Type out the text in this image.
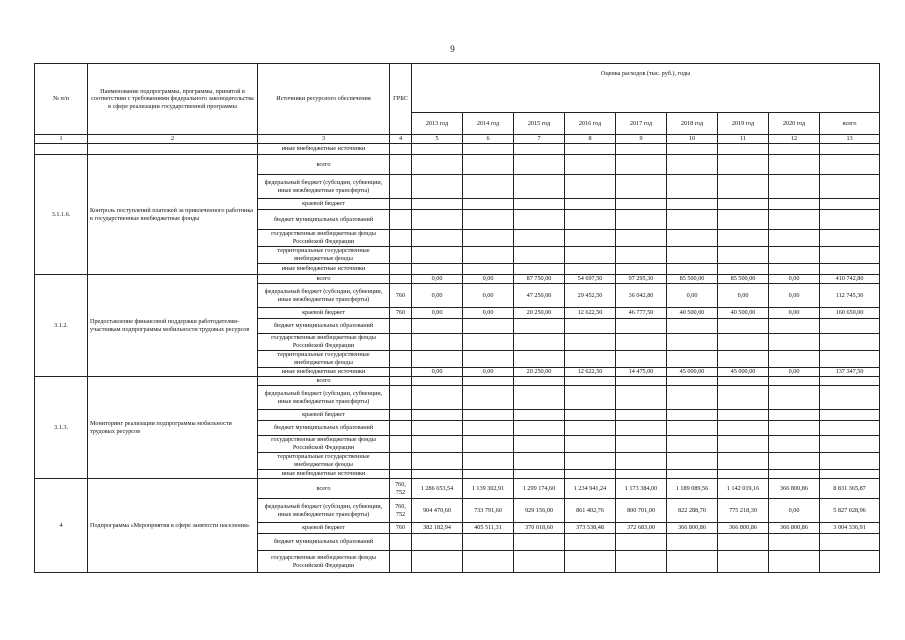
9
№ п/п	Наименование подпрограммы, программы, принятой в соответствии с требованиями федерального законодательства в сфере реализации государственной программы	Источники ресурсного обеспечения	ГРБС	Оценка расходов (тыс. руб.), годы								
				2013 год	2014 год	2015 год	2016 год	2017 год	2018 год	2019 год	2020 год	всего
1	2	3	4	5	6	7	8	9	10	11	12	13
		иные внебюджетные источники										
3.1.1.6.	Контроль поступлений платежей за привлеченного работника в государственные внебюджетные фонды	всего										
		федеральный бюджет (субсидии, субвенции, иные межбюджетные трансферты)										
		краевой бюджет										
		бюджет муниципальных образований										
		государственные внебюджетные фонды Российской Федерации										
		территориальные государственные внебюджетные фонды										
		иные внебюджетные источники										
3.1.2.	Предоставление финансовой поддержки работодателям-участникам подпрограммы мобильности трудовых ресурсов	всего		0,00	0,00	87 750,00	54 697,50	97 295,30	85 500,00	85 500,00	0,00	410 742,80
		федеральный бюджет (субсидии, субвенции, иные межбюджетные трансферты)	760	0,00	0,00	47 250,00	29 452,50	36 042,80	0,00	0,00	0,00	112 745,30
		краевой бюджет	760	0,00	0,00	20 250,00	12 622,50	46 777,50	40 500,00	40 500,00	0,00	160 650,00
		бюджет муниципальных образований										
		государственные внебюджетные фонды Российской Федерации										
		территориальные государственные внебюджетные фонды										
		иные внебюджетные источники		0,00	0,00	20 250,00	12 622,50	14 475,00	45 000,00	45 000,00	0,00	137 347,50
3.1.3.	Мониторинг реализации подпрограммы мобильности трудовых ресурсов	всего										
		федеральный бюджет (субсидии, субвенции, иные межбюджетные трансферты)										
		краевой бюджет										
		бюджет муниципальных образований										
		государственные внебюджетные фонды Российской Федерации										
		территориальные государственные внебюджетные фонды										
		иные внебюджетные источники										
4	Подпрограмма «Мероприятия в сфере занятости населения»	всего	760, 752	1 286 653,54	1 139 302,91	1 299 174,60	1 234 941,24	1 173 384,00	1 189 089,56	1 142 019,16	366 800,86	8 831 365,87
		федеральный бюджет (субсидии, субвенции, иные межбюджетные трансферты)	760, 752	904 470,60	733 791,60	929 156,00	861 402,76	800 701,00	822 288,70	775 218,30	0,00	5 827 028,96
		краевой бюджет	760	382 182,94	405 511,31	370 018,60	373 538,48	372 683,00	366 800,86	366 800,86	366 800,86	3 004 336,91
		бюджет муниципальных образований										
		государственные внебюджетные фонды Российской Федерации										
